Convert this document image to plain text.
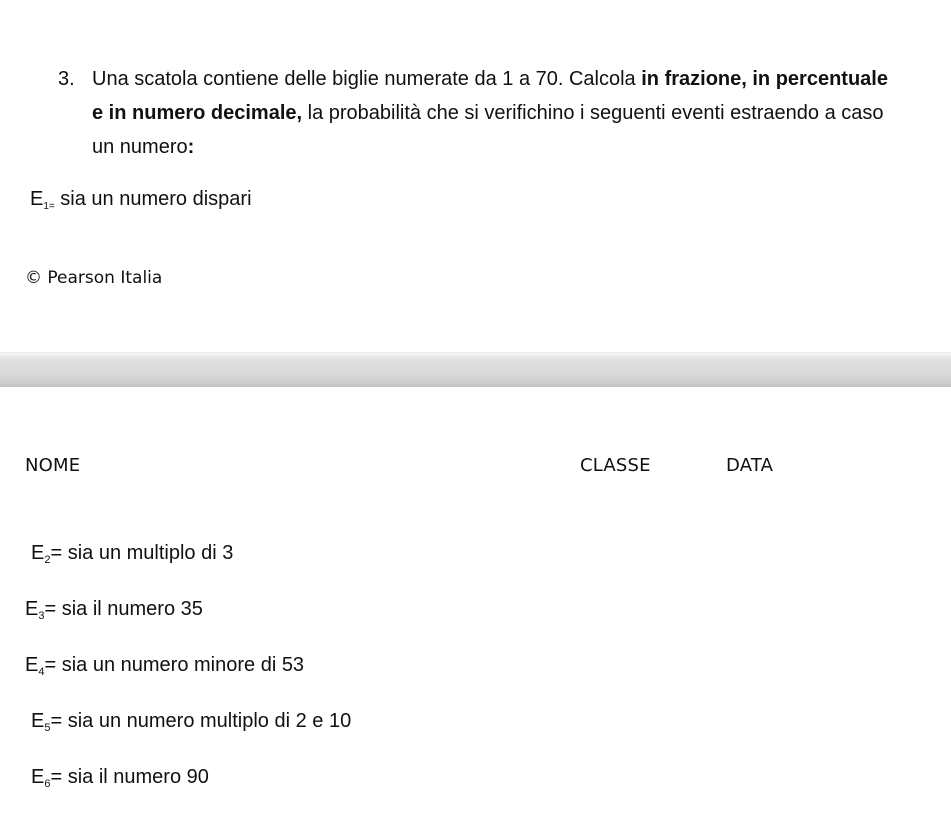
3. Una scatola contiene delle biglie numerate da 1 a 70. Calcola in frazione, in percentuale e in numero decimale, la probabilità che si verifichino i seguenti eventi estraendo a caso un numero:
$E_{1=}$ sia un numero dispari
© Pearson Italia
NOME	CLASSE	DATA
$E_2=$ sia un multiplo di 3
$E_3=$ sia il numero 35
$E_4=$ sia un numero minore di 53
$E_5=$ sia un numero multiplo di 2 e 10
$E_6=$ sia il numero 90
